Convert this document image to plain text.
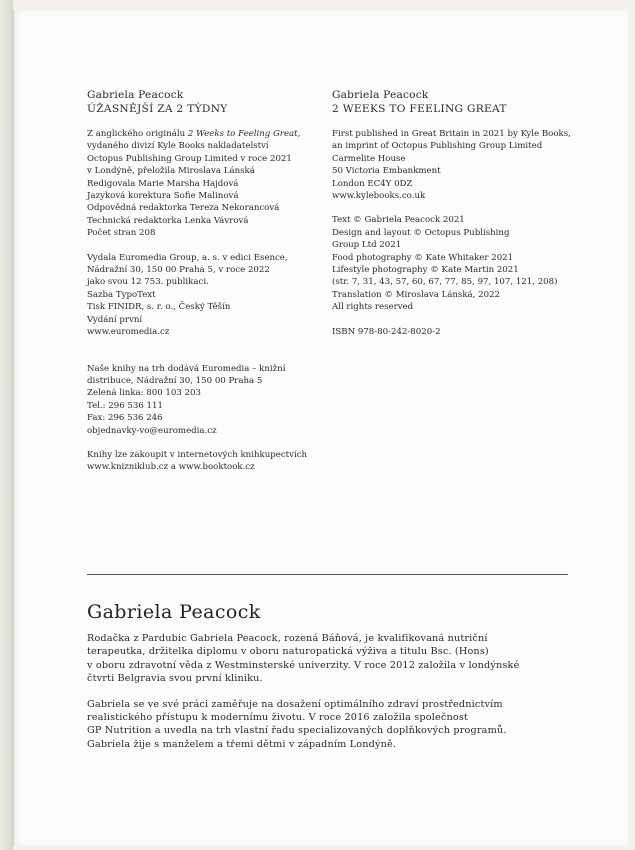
Gabriela Peacock
ÚŽASNĚJŠÍ ZA 2 TÝDNY
Z anglického originálu 2 Weeks to Feeling Great,
vydaného divizí Kyle Books nakladatelství
Octopus Publishing Group Limited v roce 2021
v Londýně, přeložila Miroslava Lánská
Redigovala Marie Marsha Hajdová
Jazyková korektura Sofie Malinová
Odpovědná redaktorka Tereza Nekorancová
Technická redaktorka Lenka Vávrová
Počet stran 208
Vydala Euromedia Group, a. s. v edici Esence,
Nádražní 30, 150 00 Praha 5, v roce 2022
jako svou 12 753. publikaci.
Sazba TypoText
Tisk FINIDR, s. r. o., Český Těšín
Vydání první
www.euromedia.cz
Naše knihy na trh dodává Euromedia – knižní
distribuce, Nádražní 30, 150 00 Praha 5
Zelená linka: 800 103 203
Tel.: 296 536 111
Fax: 296 536 246
objednavky-vo@euromedia.cz
Knihy lze zakoupit v internetových knihkupectvích
www.knizniklub.cz a www.booktook.cz
Gabriela Peacock
2 WEEKS TO FEELING GREAT
First published in Great Britain in 2021 by Kyle Books,
an imprint of Octopus Publishing Group Limited
Carmelite House
50 Victoria Embankment
London EC4Y 0DZ
www.kylebooks.co.uk
Text © Gabriela Peacock 2021
Design and layout © Octopus Publishing
Group Ltd 2021
Food photography © Kate Whitaker 2021
Lifestyle photography © Kate Martin 2021
(str. 7, 31, 43, 57, 60, 67, 77, 85, 97, 107, 121, 208)
Translation © Miroslava Lánská, 2022
All rights reserved
ISBN 978-80-242-8020-2
Gabriela Peacock

Rodačka z Pardubic Gabriela Peacock, rozená Báňová, je kvalifikovaná nutriční
terapeutka, držitelka diplomu v oboru naturopatická výživa a titulu Bsc. (Hons)
v oboru zdravotní věda z Westminsterské univerzity. V roce 2012 založila v londýnské
čtvrti Belgravia svou první kliniku.

Gabriela se ve své práci zaměřuje na dosažení optimálního zdraví prostřednictvím
realistického přístupu k modernímu životu. V roce 2016 založila společnost
GP Nutrition a uvedla na trh vlastní řadu specializovaných doplňkových programů.
Gabriela žije s manželem a třemi dětmi v západním Londýně.
